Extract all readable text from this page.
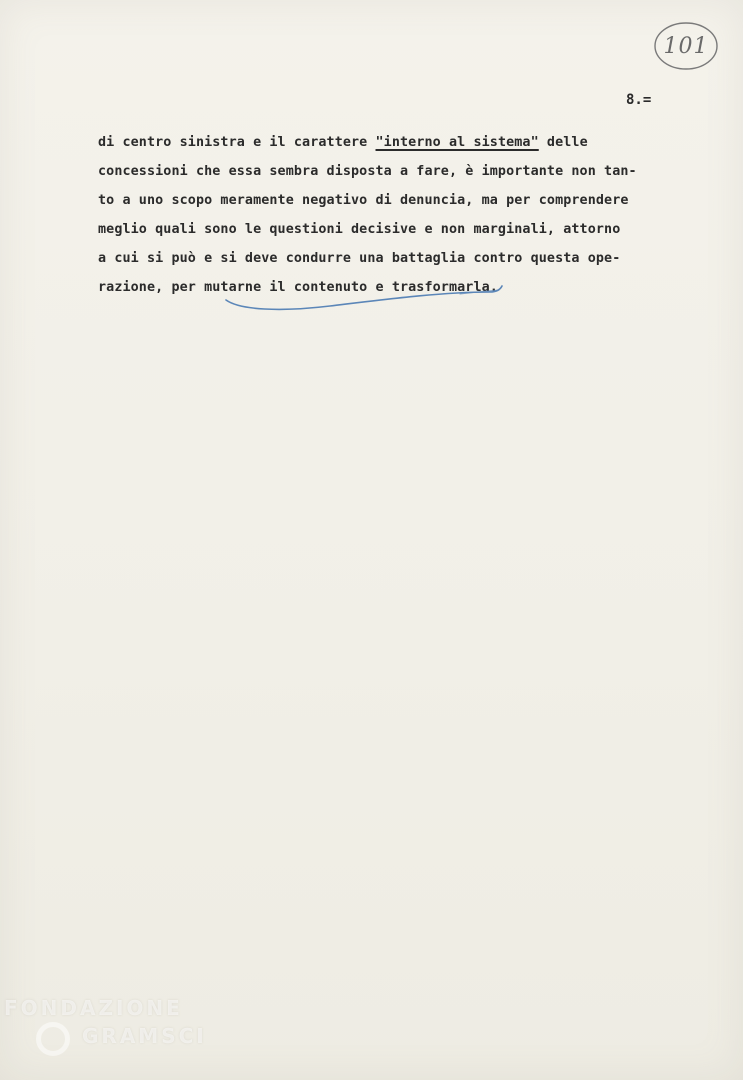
101
8.=
di centro sinistra e il carattere "interno al sistema" delle
concessioni che essa sembra disposta a fare, è importante non tan-
to a uno scopo meramente negativo di denuncia, ma per comprendere
meglio quali sono le questioni decisive e non marginali, attorno
a cui si può e si deve condurre una battaglia contro questa ope-
razione, per mutarne il contenuto e trasformarla.
FONDAZIONE
GRAMSCI
